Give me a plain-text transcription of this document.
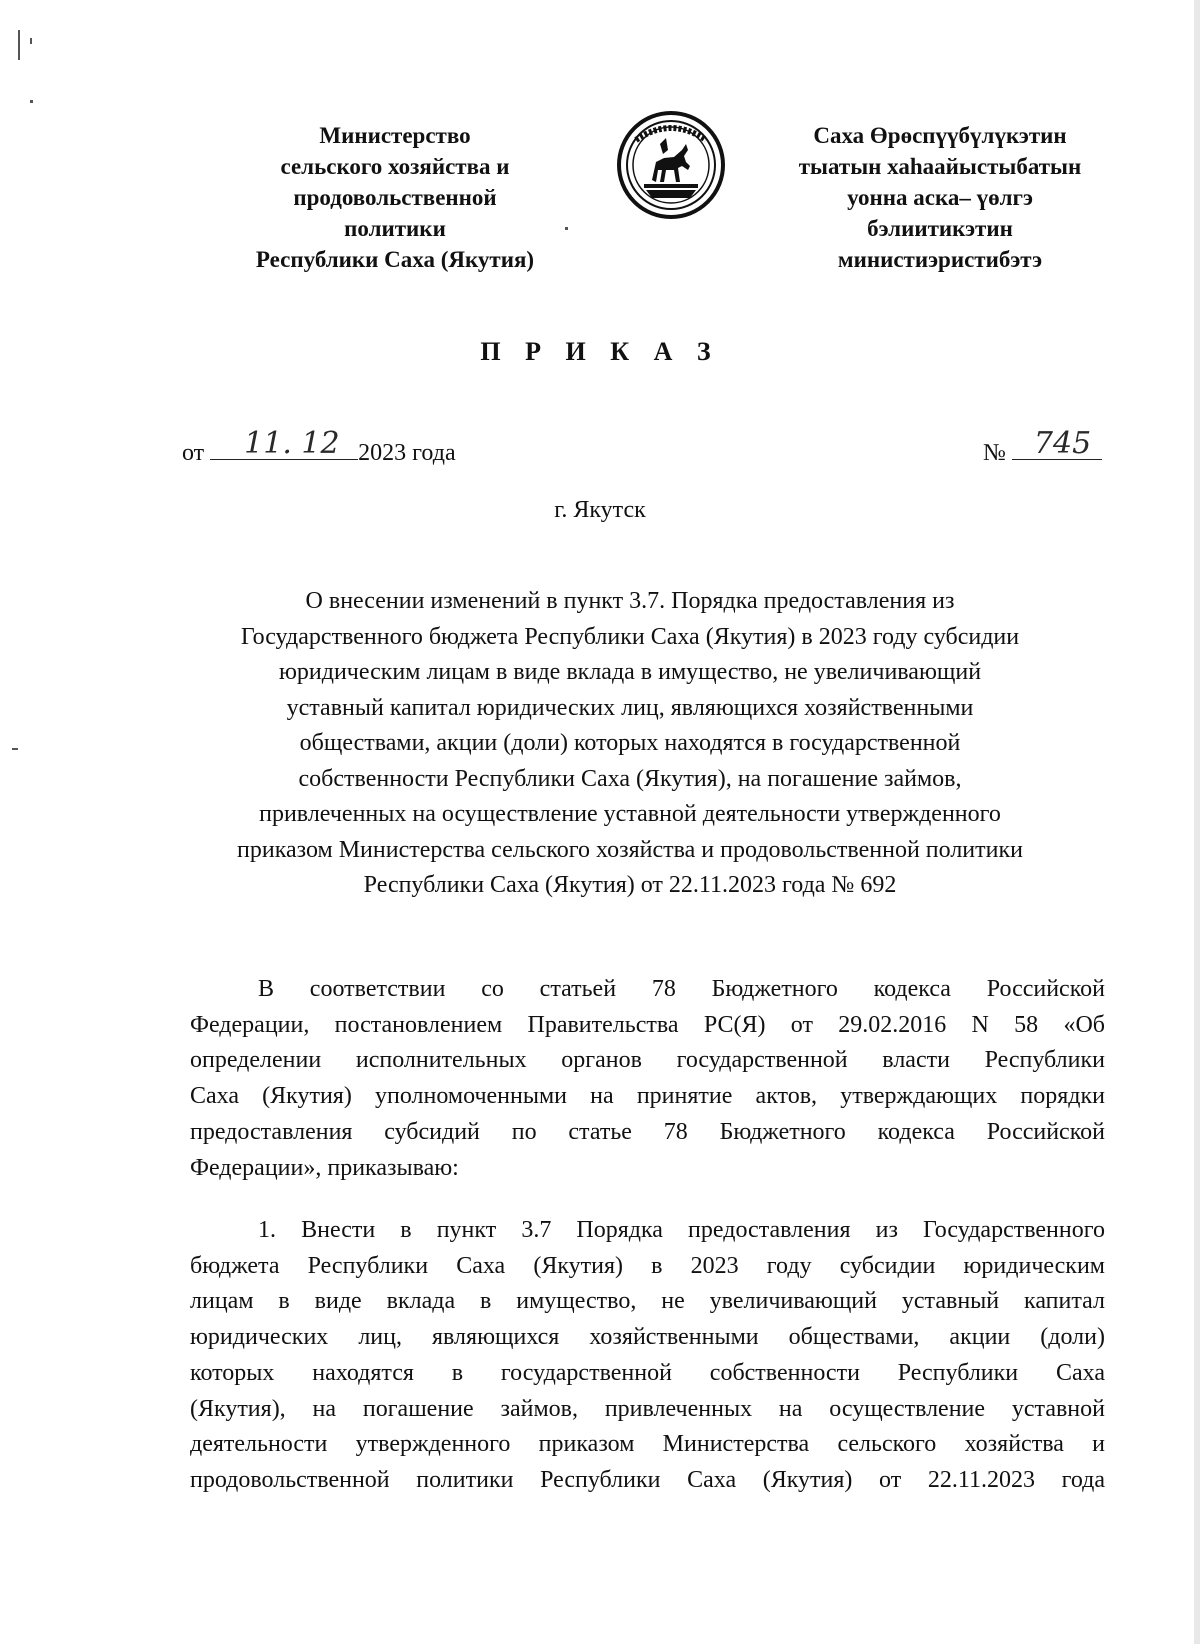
Министерство
сельского хозяйства и
продовольственной
политики
Республики Саха (Якутия)
Саха Өрөспүүбүлүкэтин
тыатын хаһаайыстыбатын
уонна аска– үөлгэ
бэлиитикэтин
министиэристибэтэ
П Р И К А З
от 11. 12 2023 года	№ 745
г. Якутск
О внесении изменений в пункт 3.7. Порядка предоставления из
Государственного бюджета Республики Саха (Якутия) в 2023 году субсидии
юридическим лицам в виде вклада в имущество, не увеличивающий
уставный капитал юридических лиц, являющихся хозяйственными
обществами, акции (доли) которых находятся в государственной
собственности Республики Саха (Якутия), на погашение займов,
привлеченных на осуществление уставной деятельности утвержденного
приказом Министерства сельского хозяйства и продовольственной политики
Республики Саха (Якутия) от 22.11.2023 года № 692
В соответствии со статьей 78 Бюджетного кодекса Российской
Федерации, постановлением Правительства РС(Я) от 29.02.2016 N 58 «Об
определении исполнительных органов государственной власти Республики
Саха (Якутия) уполномоченными на принятие актов, утверждающих порядки
предоставления субсидий по статье 78 Бюджетного кодекса Российской
Федерации», приказываю:
1. Внести в пункт 3.7 Порядка предоставления из Государственного
бюджета Республики Саха (Якутия) в 2023 году субсидии юридическим
лицам в виде вклада в имущество, не увеличивающий уставный капитал
юридических лиц, являющихся хозяйственными обществами, акции (доли)
которых находятся в государственной собственности Республики Саха
(Якутия), на погашение займов, привлеченных на осуществление уставной
деятельности утвержденного приказом Министерства сельского хозяйства и
продовольственной политики Республики Саха (Якутия) от 22.11.2023 года
